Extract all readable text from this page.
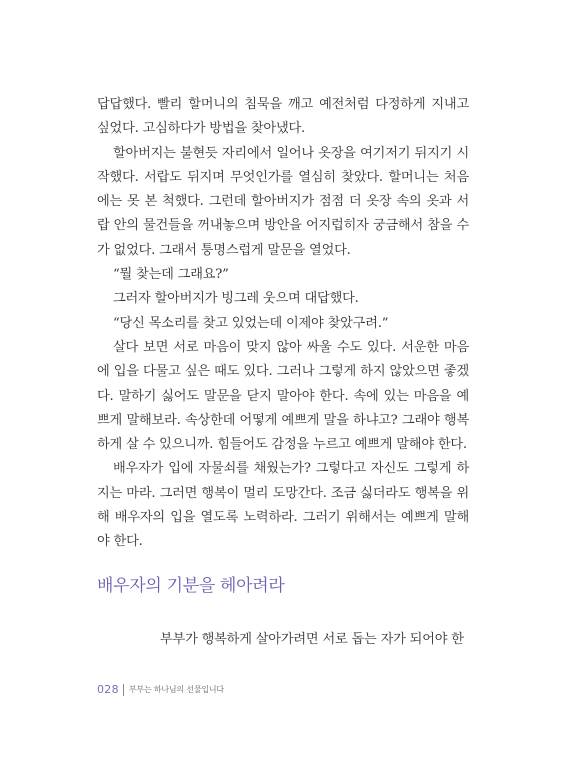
답답했다. 빨리 할머니의 침묵을 깨고 예전처럼 다정하게 지내고 싶었다. 고심하다가 방법을 찾아냈다.

할아버지는 불현듯 자리에서 일어나 옷장을 여기저기 뒤지기 시작했다. 서랍도 뒤지며 무엇인가를 열심히 찾았다. 할머니는 처음에는 못 본 척했다. 그런데 할아버지가 점점 더 옷장 속의 옷과 서랍 안의 물건들을 꺼내놓으며 방안을 어지럽히자 궁금해서 참을 수가 없었다. 그래서 퉁명스럽게 말문을 열었다.

“뭘 찾는데 그래요?”

그러자 할아버지가 빙그레 웃으며 대답했다.

“당신 목소리를 찾고 있었는데 이제야 찾았구려.”

살다 보면 서로 마음이 맞지 않아 싸울 수도 있다. 서운한 마음에 입을 다물고 싶은 때도 있다. 그러나 그렇게 하지 않았으면 좋겠다. 말하기 싫어도 말문을 닫지 말아야 한다. 속에 있는 마음을 예쁘게 말해보라. 속상한데 어떻게 예쁘게 말을 하냐고? 그래야 행복하게 살 수 있으니까. 힘들어도 감정을 누르고 예쁘게 말해야 한다.

배우자가 입에 자물쇠를 채웠는가? 그렇다고 자신도 그렇게 하지는 마라. 그러면 행복이 멀리 도망간다. 조금 싫더라도 행복을 위해 배우자의 입을 열도록 노력하라. 그러기 위해서는 예쁘게 말해야 한다.

배우자의 기분을 헤아려라

부부가 행복하게 살아가려면 서로 돕는 자가 되어야 한

028 부부는 하나님의 선물입니다
